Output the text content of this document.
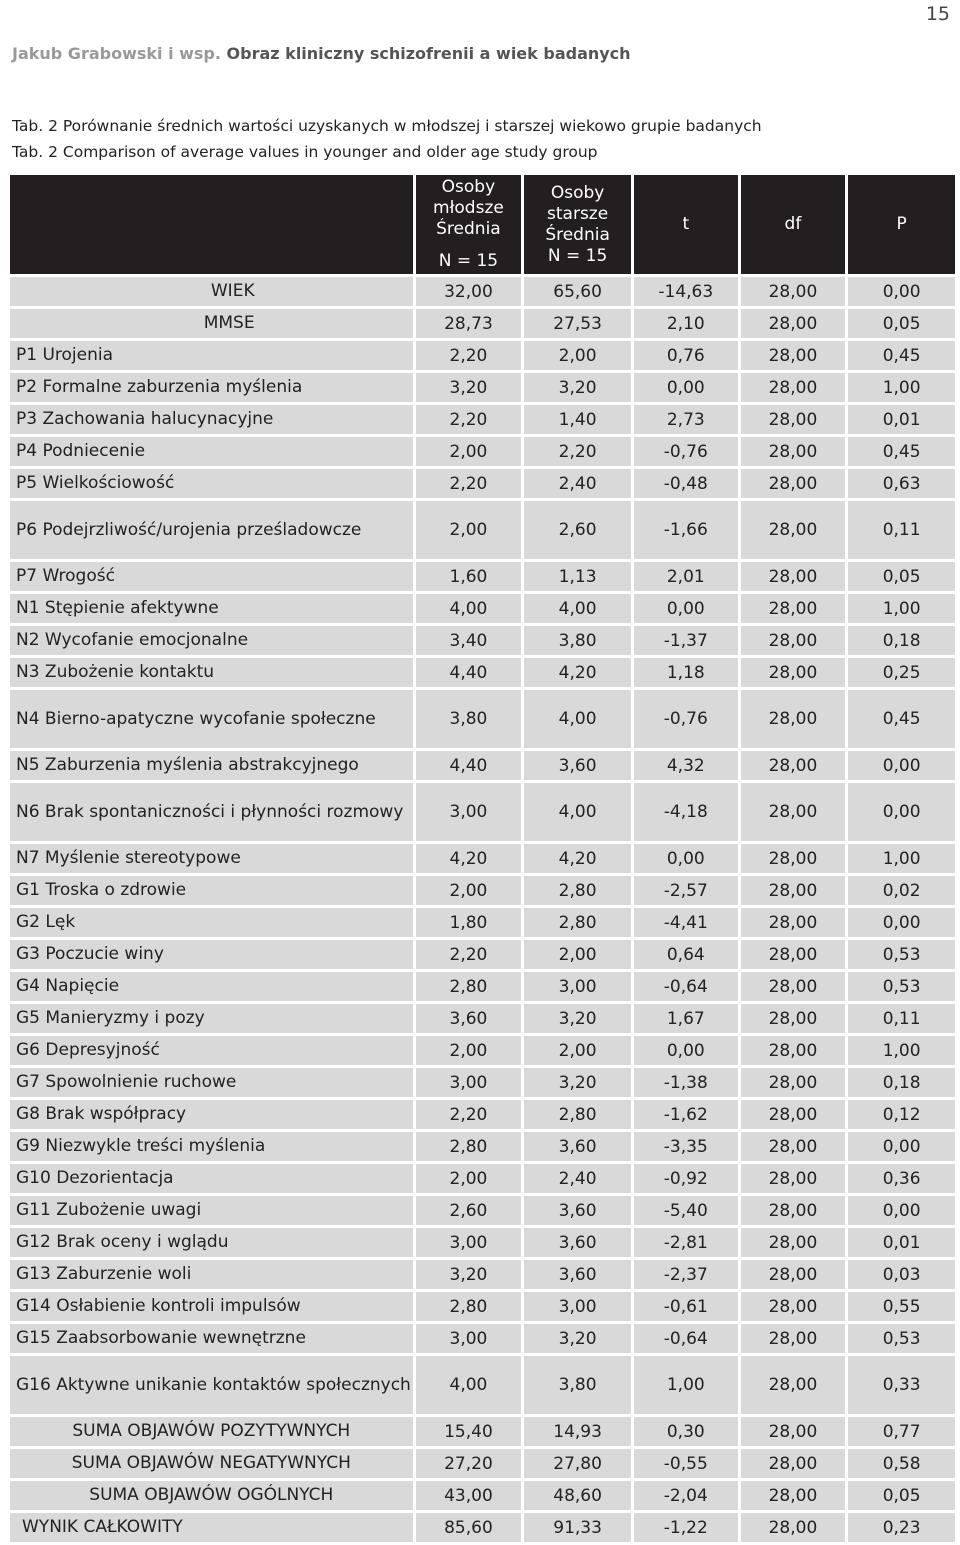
15
Jakub Grabowski i wsp. Obraz kliniczny schizofrenii a wiek badanych
Tab. 2 Porównanie średnich wartości uzyskanych w młodszej i starszej wiekowo grupie badanych
Tab. 2 Comparison of average values in younger and older age study group

	Osoby
młodsze
Średnia
N = 15	Osoby
starsze
Średnia
N = 15	t	df	P
WIEK	32,00	65,60	-14,63	28,00	0,00
MMSE	28,73	27,53	2,10	28,00	0,05
P1 Urojenia	2,20	2,00	0,76	28,00	0,45
P2 Formalne zaburzenia myślenia	3,20	3,20	0,00	28,00	1,00
P3 Zachowania halucynacyjne	2,20	1,40	2,73	28,00	0,01
P4 Podniecenie	2,00	2,20	-0,76	28,00	0,45
P5 Wielkościowość	2,20	2,40	-0,48	28,00	0,63
P6 Podejrzliwość/urojenia prześladowcze	2,00	2,60	-1,66	28,00	0,11
P7 Wrogość	1,60	1,13	2,01	28,00	0,05
N1 Stępienie afektywne	4,00	4,00	0,00	28,00	1,00
N2 Wycofanie emocjonalne	3,40	3,80	-1,37	28,00	0,18
N3 Zubożenie kontaktu	4,40	4,20	1,18	28,00	0,25
N4 Bierno-apatyczne wycofanie społeczne	3,80	4,00	-0,76	28,00	0,45
N5 Zaburzenia myślenia abstrakcyjnego	4,40	3,60	4,32	28,00	0,00
N6 Brak spontaniczności i płynności rozmowy	3,00	4,00	-4,18	28,00	0,00
N7 Myślenie stereotypowe	4,20	4,20	0,00	28,00	1,00
G1 Troska o zdrowie	2,00	2,80	-2,57	28,00	0,02
G2 Lęk	1,80	2,80	-4,41	28,00	0,00
G3 Poczucie winy	2,20	2,00	0,64	28,00	0,53
G4 Napięcie	2,80	3,00	-0,64	28,00	0,53
G5 Manieryzmy i pozy	3,60	3,20	1,67	28,00	0,11
G6 Depresyjność	2,00	2,00	0,00	28,00	1,00
G7 Spowolnienie ruchowe	3,00	3,20	-1,38	28,00	0,18
G8 Brak współpracy	2,20	2,80	-1,62	28,00	0,12
G9 Niezwykle treści myślenia	2,80	3,60	-3,35	28,00	0,00
G10 Dezorientacja	2,00	2,40	-0,92	28,00	0,36
G11 Zubożenie uwagi	2,60	3,60	-5,40	28,00	0,00
G12 Brak oceny i wglądu	3,00	3,60	-2,81	28,00	0,01
G13 Zaburzenie woli	3,20	3,60	-2,37	28,00	0,03
G14 Osłabienie kontroli impulsów	2,80	3,00	-0,61	28,00	0,55
G15 Zaabsorbowanie wewnętrzne	3,00	3,20	-0,64	28,00	0,53
G16 Aktywne unikanie kontaktów społecznych	4,00	3,80	1,00	28,00	0,33
SUMA OBJAWÓW POZYTYWNYCH	15,40	14,93	0,30	28,00	0,77
SUMA OBJAWÓW NEGATYWNYCH	27,20	27,80	-0,55	28,00	0,58
SUMA OBJAWÓW OGÓLNYCH	43,00	48,60	-2,04	28,00	0,05
WYNIK CAŁKOWITY	85,60	91,33	-1,22	28,00	0,23
